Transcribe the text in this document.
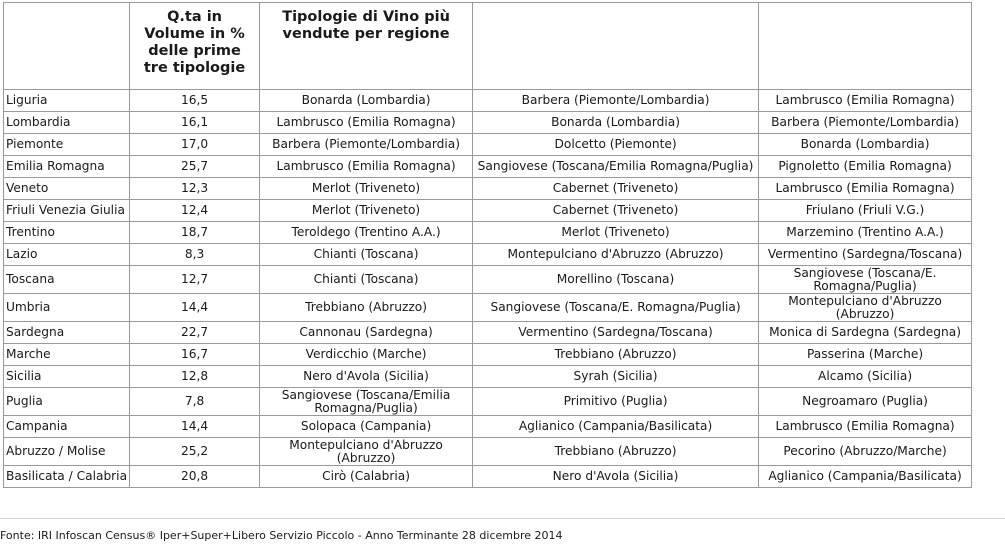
	Q.ta in Volume in % delle prime tre tipologie	Tipologie di Vino più vendute per regione		
Liguria	16,5	Bonarda (Lombardia)	Barbera (Piemonte/Lombardia)	Lambrusco (Emilia Romagna)
Lombardia	16,1	Lambrusco (Emilia Romagna)	Bonarda (Lombardia)	Barbera (Piemonte/Lombardia)
Piemonte	17,0	Barbera (Piemonte/Lombardia)	Dolcetto (Piemonte)	Bonarda (Lombardia)
Emilia Romagna	25,7	Lambrusco (Emilia Romagna)	Sangiovese (Toscana/Emilia Romagna/Puglia)	Pignoletto (Emilia Romagna)
Veneto	12,3	Merlot (Triveneto)	Cabernet (Triveneto)	Lambrusco (Emilia Romagna)
Friuli Venezia Giulia	12,4	Merlot (Triveneto)	Cabernet (Triveneto)	Friulano (Friuli V.G.)
Trentino	18,7	Teroldego (Trentino A.A.)	Merlot (Triveneto)	Marzemino (Trentino A.A.)
Lazio	8,3	Chianti (Toscana)	Montepulciano d'Abruzzo (Abruzzo)	Vermentino (Sardegna/Toscana)
Toscana	12,7	Chianti (Toscana)	Morellino (Toscana)	Sangiovese (Toscana/E. Romagna/Puglia)
Umbria	14,4	Trebbiano (Abruzzo)	Sangiovese (Toscana/E. Romagna/Puglia)	Montepulciano d'Abruzzo (Abruzzo)
Sardegna	22,7	Cannonau (Sardegna)	Vermentino (Sardegna/Toscana)	Monica di Sardegna (Sardegna)
Marche	16,7	Verdicchio (Marche)	Trebbiano (Abruzzo)	Passerina (Marche)
Sicilia	12,8	Nero d'Avola (Sicilia)	Syrah (Sicilia)	Alcamo (Sicilia)
Puglia	7,8	Sangiovese (Toscana/Emilia Romagna/Puglia)	Primitivo (Puglia)	Negroamaro (Puglia)
Campania	14,4	Solopaca (Campania)	Aglianico (Campania/Basilicata)	Lambrusco (Emilia Romagna)
Abruzzo / Molise	25,2	Montepulciano d'Abruzzo (Abruzzo)	Trebbiano (Abruzzo)	Pecorino (Abruzzo/Marche)
Basilicata / Calabria	20,8	Cirò (Calabria)	Nero d'Avola (Sicilia)	Aglianico (Campania/Basilicata)
Fonte: IRI Infoscan Census® Iper+Super+Libero Servizio Piccolo - Anno Terminante 28 dicembre 2014
